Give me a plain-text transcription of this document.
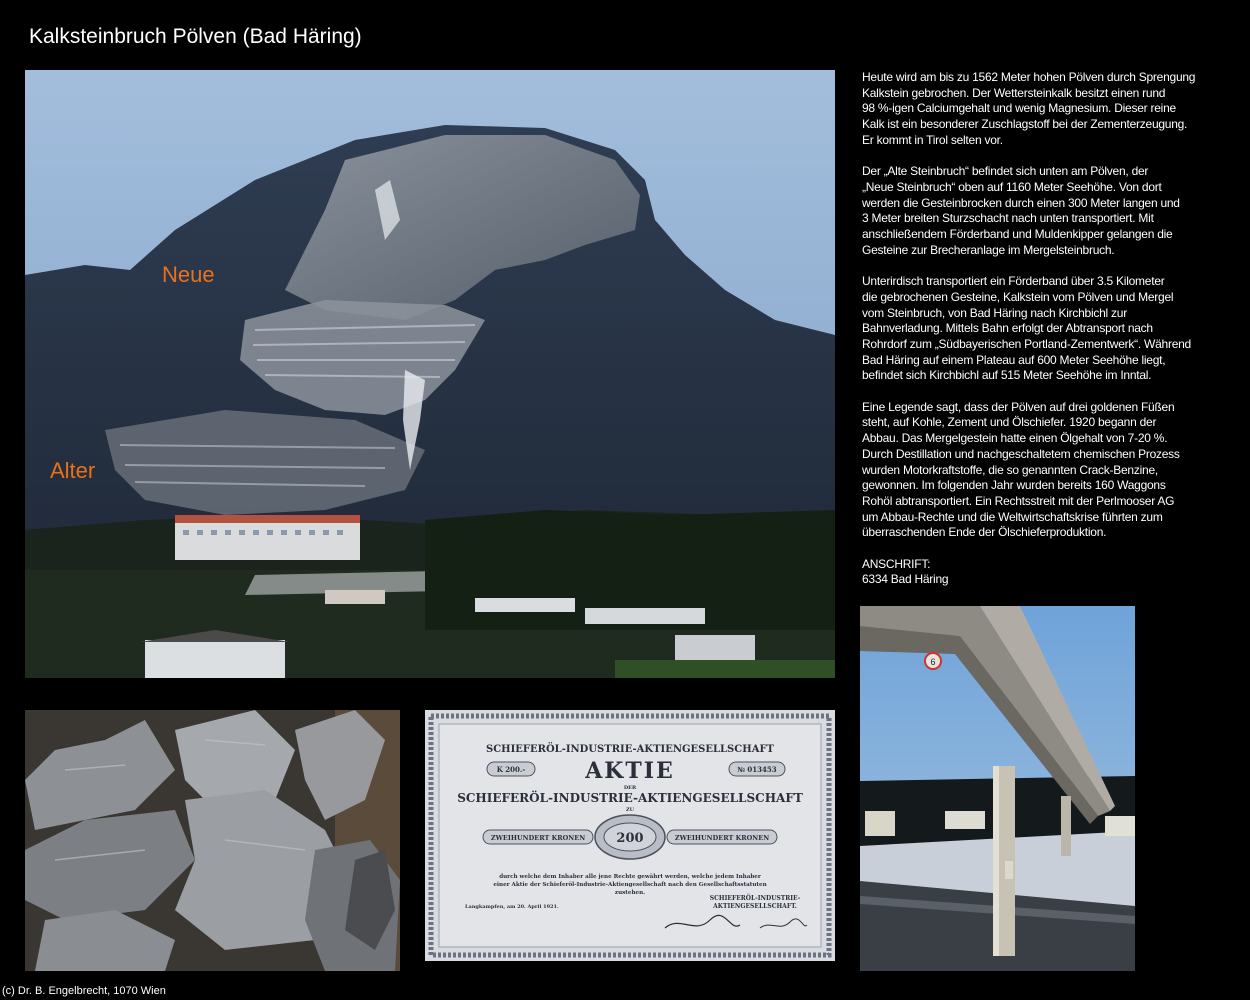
Kalksteinbruch Pölven (Bad Häring)
Neue
Alter

Heute wird am bis zu 1562 Meter hohen Pölven durch Sprengung
Kalkstein gebrochen. Der Wettersteinkalk besitzt einen rund
98 %-igen Calciumgehalt und wenig Magnesium. Dieser reine
Kalk ist ein besonderer Zuschlagstoff bei der Zementerzeugung.
Er kommt in Tirol selten vor.

Der „Alte Steinbruch“ befindet sich unten am Pölven, der
„Neue Steinbruch“ oben auf 1160 Meter Seehöhe. Von dort
werden die Gesteinbrocken durch einen 300 Meter langen und
3 Meter breiten Sturzschacht nach unten transportiert. Mit
anschließendem Förderband und Muldenkipper gelangen die
Gesteine zur Brecheranlage im Mergelsteinbruch.

Unterirdisch transportiert ein Förderband über 3.5 Kilometer
die gebrochenen Gesteine, Kalkstein vom Pölven und Mergel
vom Steinbruch, von Bad Häring nach Kirchbichl zur
Bahnverladung. Mittels Bahn erfolgt der Abtransport nach
Rohrdorf zum „Südbayerischen Portland-Zementwerk“. Während
Bad Häring auf einem Plateau auf 600 Meter Seehöhe liegt,
befindet sich Kirchbichl auf 515 Meter Seehöhe im Inntal.

Eine Legende sagt, dass der Pölven auf drei goldenen Füßen
steht, auf Kohle, Zement und Ölschiefer. 1920 begann der
Abbau. Das Mergelgestein hatte einen Ölgehalt von 7-20 %.
Durch Destillation und nachgeschaltetem chemischen Prozess
wurden Motorkraftstoffe, die so genannten Crack-Benzine,
gewonnen. Im folgenden Jahr wurden bereits 160 Waggons
Rohöl abtransportiert. Ein Rechtsstreit mit der Perlmooser AG
um Abbau-Rechte und die Weltwirtschaftskrise führten zum
überraschenden Ende der Ölschieferproduktion.

ANSCHRIFT:

6334 Bad Häring

SCHIEFERÖL-INDUSTRIE-AKTIENGESELLSCHAFT
K 200.-	№ 013453
AKTIE
DER
SCHIEFERÖL-INDUSTRIE-AKTIENGESELLSCHAFT
ZU
ZWEIHUNDERT KRONEN 200	ZWEIHUNDERT KRONEN
durch welche dem Inhaber alle jene Rechte gewährt werden, welche jedem Inhaber
einer Aktie der Schieferöl-Industrie-Aktiengesellschaft nach den Gesellschaftsstatuten
zustehen.
Langkampfen, am 20. April 1921.
SCHIEFERÖL-INDUSTRIE-
AKTIENGESELLSCHAFT.
6
(c) Dr. B. Engelbrecht, 1070 Wien
